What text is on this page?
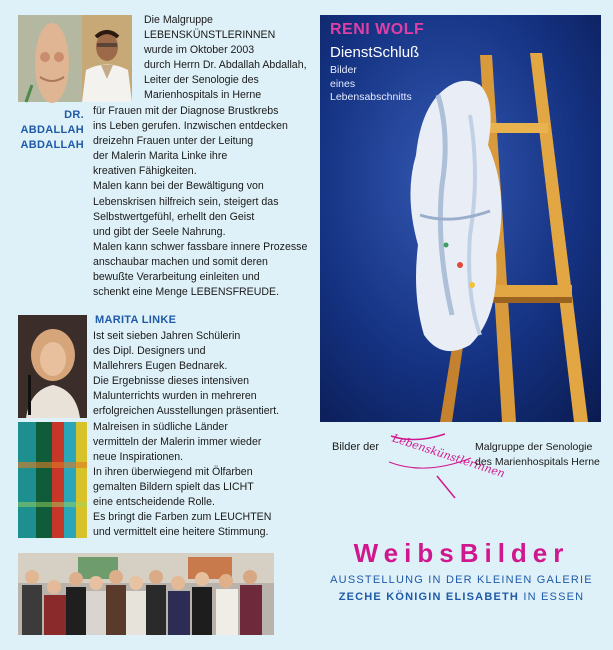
Die Malgruppe
LEBENSKÜNSTLERINNEN
wurde im Oktober 2003
durch Herrn Dr. Abdallah Abdallah,
Leiter der Senologie des
Marienhospitals in Herne
DR.
ABDALLAH
ABDALLAH
für Frauen mit der Diagnose Brustkrebs
ins Leben gerufen. Inzwischen entdecken
dreizehn Frauen unter der Leitung
der Malerin Marita Linke ihre
kreativen Fähigkeiten.
Malen kann bei der Bewältigung von
Lebenskrisen hilfreich sein, steigert das
Selbstwertgefühl, erhellt den Geist
und gibt der Seele Nahrung.
Malen kann schwer fassbare innere Prozesse
anschaubar machen und somit deren
bewußte Verarbeitung einleiten und
schenkt eine Menge LEBENSFREUDE.
MARITA LINKE
Ist seit sieben Jahren Schülerin
des Dipl. Designers und
Mallehrers Eugen Bednarek.
Die Ergebnisse dieses intensiven
Malunterrichts wurden in mehreren
erfolgreichen Ausstellungen präsentiert.
Malreisen in südliche Länder
vermitteln der Malerin immer wieder
neue Inspirationen.
In ihren überwiegend mit Ölfarben
gemalten Bildern spielt das LICHT
eine entscheidende Rolle.
Es bringt die Farben zum LEUCHTEN
und vermittelt eine heitere Stimmung.
RENI WOLF
DienstSchluß
Bilder
eines
Lebensabschnitts
Bilder der Lebenskünstlerinnen
Malgruppe der Senologie
des Marienhospitals Herne
WeibsBilder
AUSSTELLUNG IN DER KLEINEN GALERIE
ZECHE KÖNIGIN ELISABETH IN ESSEN
